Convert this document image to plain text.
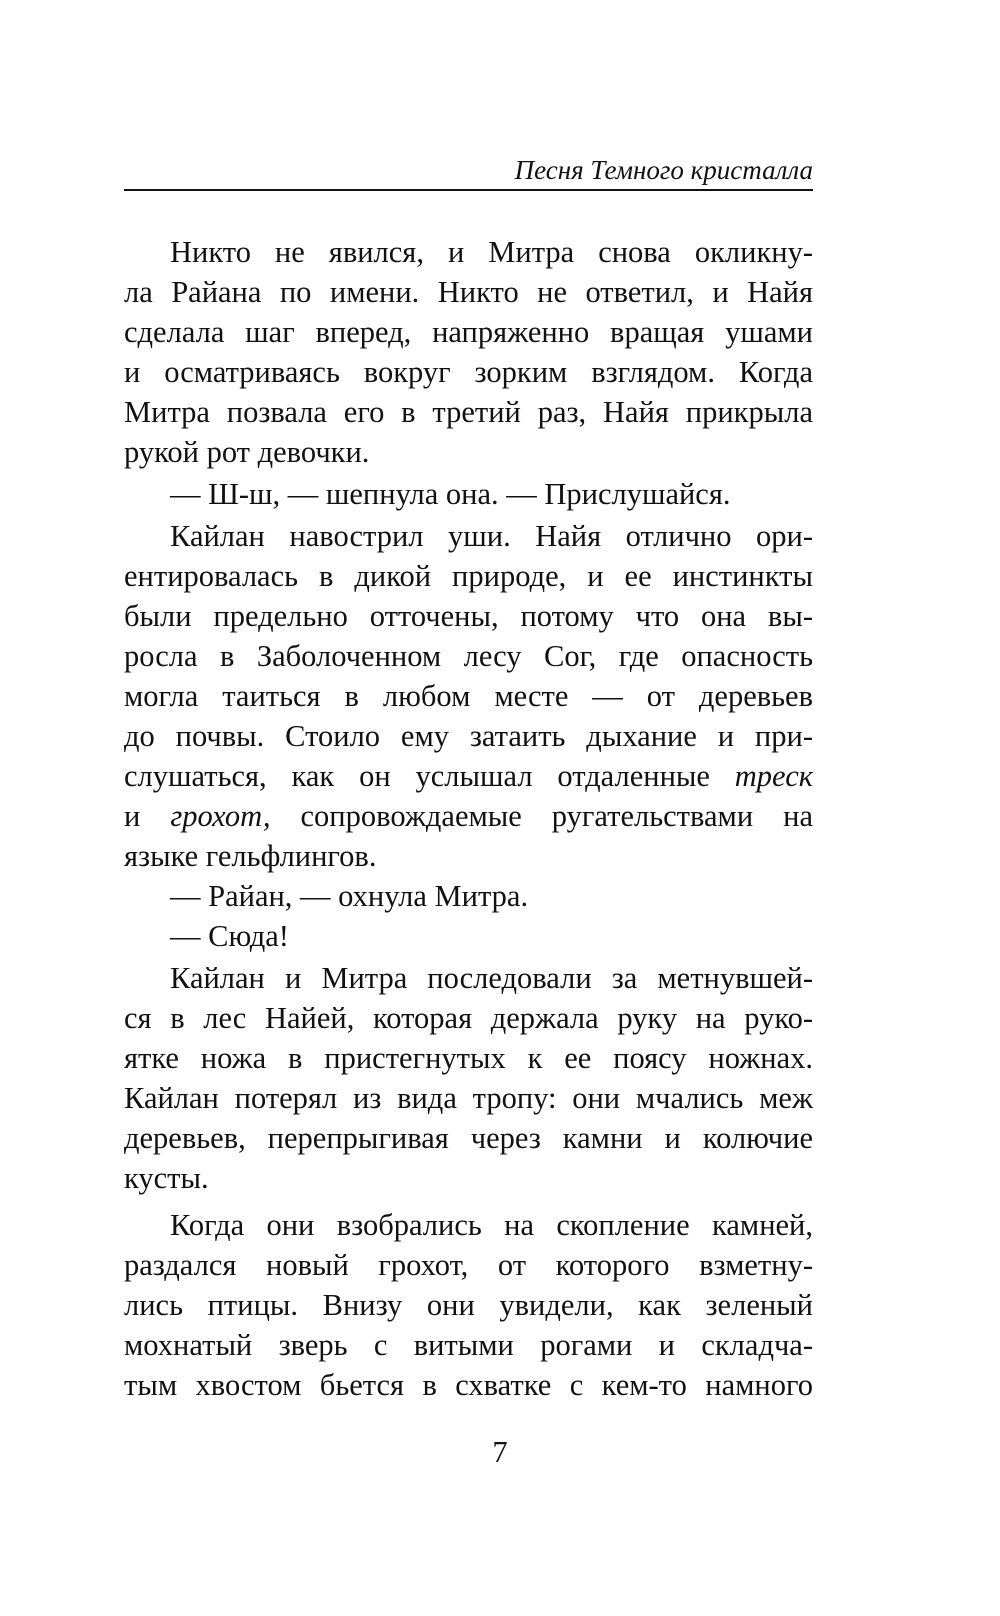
Песня Темного кристалла
Никто не явился, и Митра снова окликну-
ла Райана по имени. Никто не ответил, и Найя
сделала шаг вперед, напряженно вращая ушами
и осматриваясь вокруг зорким взглядом. Когда
Митра позвала его в третий раз, Найя прикрыла
рукой рот девочки.
— Ш-ш, — шепнула она. — Прислушайся.
Кайлан навострил уши. Найя отлично ори-
ентировалась в дикой природе, и ее инстинкты
были предельно отточены, потому что она вы-
росла в Заболоченном лесу Сог, где опасность
могла таиться в любом месте — от деревьев
до почвы. Стоило ему затаить дыхание и при-
слушаться, как он услышал отдаленные треск
и грохот, сопровождаемые ругательствами на
языке гельфлингов.
— Райан, — охнула Митра.
— Сюда!
Кайлан и Митра последовали за метнувшей-
ся в лес Найей, которая держала руку на руко-
ятке ножа в пристегнутых к ее поясу ножнах.
Кайлан потерял из вида тропу: они мчались меж
деревьев, перепрыгивая через камни и колючие
кусты.
Когда они взобрались на скопление камней,
раздался новый грохот, от которого взметну-
лись птицы. Внизу они увидели, как зеленый
мохнатый зверь с витыми рогами и складча-
тым хвостом бьется в схватке с кем-то намного
7
